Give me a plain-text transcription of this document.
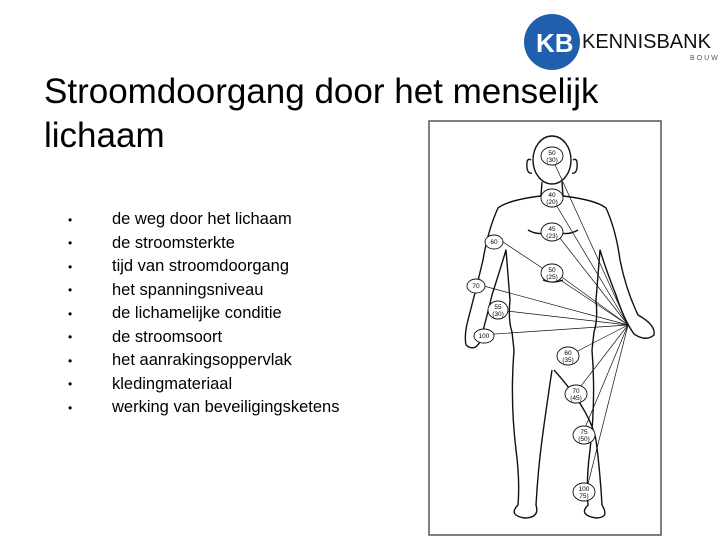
KB KENNISBANK
BOUW
Stroomdoorgang door het menselijk lichaam
•	de weg door het lichaam
•	de stroomsterkte
•	tijd van stroomdoorgang
•	het spanningsniveau
•	de lichamelijke conditie
•	de stroomsoort
•	het aanrakingsoppervlak
•	kledingmateriaal
•	werking van beveiligingsketens
50
(30)
40
(20)
45
(23)
60
50
(25)
70
55
(30)
100
60
(35)
70
(45)
75
(50)
100
75)
